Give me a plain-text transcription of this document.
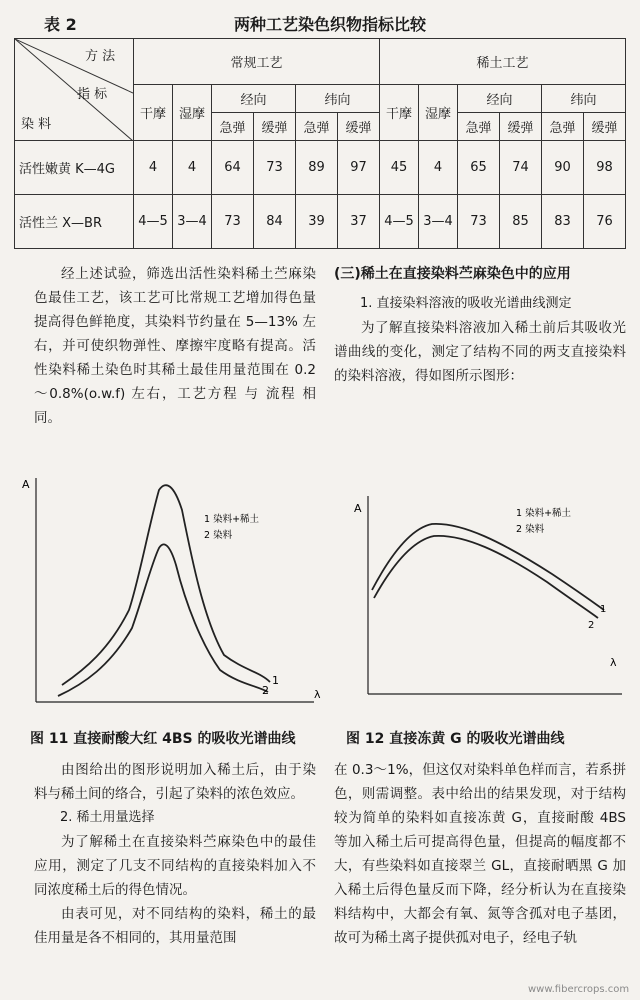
表 2	两种工艺染色织物指标比较
方 法
指 标
染 料	常规工艺						稀土工艺					
	干摩	湿摩	经向		纬向		干摩	湿摩	经向		纬向	
			急弹	缓弹	急弹	缓弹			急弹	缓弹	急弹	缓弹
活性嫩黄 K—4G	4	4	64	73	89	97	45	4	65	74	90	98
活性兰 X—BR	4—5	3—4	73	84	39	37	4—5	3—4	73	85	83	76

经上述试验，筛选出活性染料稀土苎麻染色最佳工艺，该工艺可比常规工艺增加得色量提高得色鲜艳度，其染料节约量在 5—13% 左右，并可使织物弹性、摩擦牢度略有提高。活性染料稀土染色时其稀土最佳用量范围在 0.2～0.8%(o.w.f) 左右，工艺方程 与 流程 相 同。

(三)稀土在直接染料苎麻染色中的应用
1. 直接染料溶液的吸收光谱曲线测定
为了解直接染料溶液加入稀土前后其吸收光谱曲线的变化，测定了结构不同的两支直接染料的染料溶液，得如图所示图形：
A
λ
1 染料+稀土
2 染料
1
2
图 11 直接耐酸大红 4BS 的吸收光谱曲线
A
λ
1 染料+稀土
2 染料
1
2
图 12 直接冻黄 G 的吸收光谱曲线

由图给出的图形说明加入稀土后，由于染料与稀土间的络合，引起了染料的浓色效应。

2. 稀土用量选择

为了解稀土在直接染料苎麻染色中的最佳应用，测定了几支不同结构的直接染料加入不同浓度稀土后的得色情况。

由表可见，对不同结构的染料，稀土的最佳用量是各不相同的，其用量范围

在 0.3～1%，但这仅对染料单色样而言，若系拼色，则需调整。表中给出的结果发现，对于结构较为简单的染料如直接冻黄 G，直接耐酸 4BS 等加入稀土后可提高得色量，但提高的幅度都不大，有些染料如直接翠兰 GL，直接耐晒黑 G 加入稀土后得色量反而下降，经分析认为在直接染料结构中，大都会有氧、氮等含孤对电子基团，故可为稀土离子提供孤对电子，经电子轨

www.fibercrops.com
